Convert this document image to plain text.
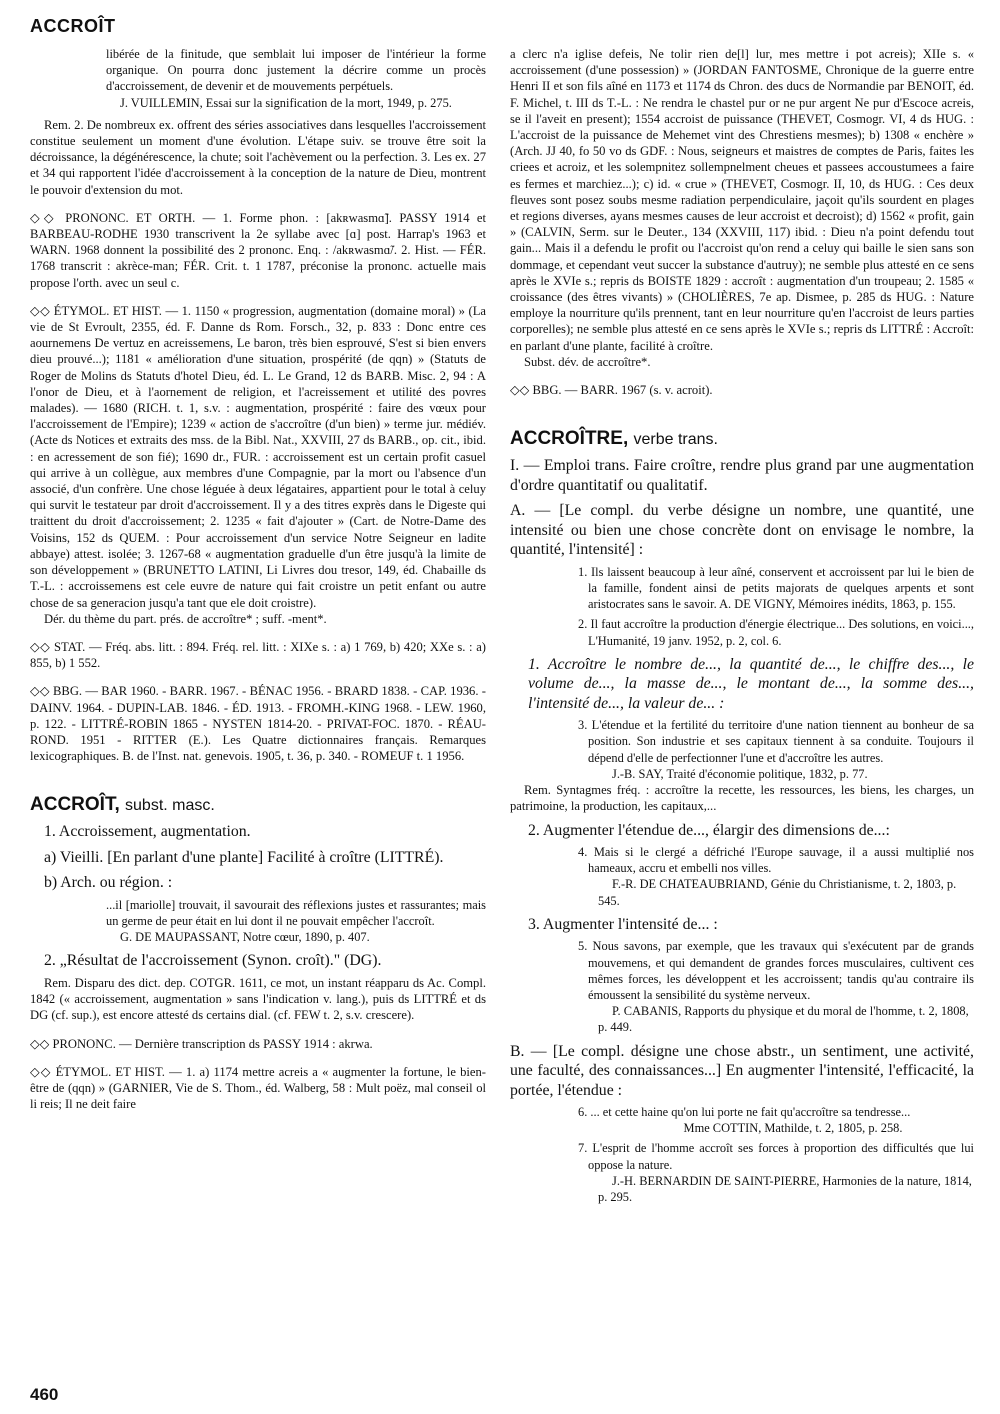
ACCROÎT

libérée de la finitude, que semblait lui imposer de l'intérieur la forme organique. On pourra donc justement la décrire comme un procès d'accroissement, de devenir et de mouvements perpétuels.

J. VUILLEMIN, Essai sur la signification de la mort, 1949, p. 275.

Rem. 2. De nombreux ex. offrent des séries associatives dans lesquelles l'accroissement constitue seulement un moment d'une évolution. L'étape suiv. se trouve être soit la décroissance, la dégénérescence, la chute; soit l'achèvement ou la perfection. 3. Les ex. 27 et 34 qui rapportent l'idée d'accroissement à la conception de la nature de Dieu, montrent le pouvoir d'extension du mot.

◇◇ PRONONC. ET ORTH. — 1. Forme phon. : [akʀwasmɑ̃]. PASSY 1914 et BARBEAU-RODHE 1930 transcrivent la 2e syllabe avec [ɑ] post. Harrap's 1963 et WARN. 1968 donnent la possibilité des 2 prononc. Enq. : /akʀwasmɑ̃/. 2. Hist. — FÉR. 1768 transcrit : akrèce-man; FÉR. Crit. t. 1 1787, préconise la prononc. actuelle mais propose l'orth. avec un seul c.

◇◇ ÉTYMOL. ET HIST. — 1. 1150 « progression, augmentation (domaine moral) » (La vie de St Evroult, 2355, éd. F. Danne ds Rom. Forsch., 32, p. 833 : Donc entre ces aournemens De vertuz en acreissemens, Le baron, très bien esprouvé, S'est si bien envers dieu prouvé...); 1181 « amélioration d'une situation, prospérité (de qqn) » (Statuts de Roger de Molins ds Statuts d'hotel Dieu, éd. L. Le Grand, 12 ds BARB. Misc. 2, 94 : A l'onor de Dieu, et à l'aornement de religion, et l'acreissement et utilité des povres malades). — 1680 (RICH. t. 1, s.v. : augmentation, prospérité : faire des vœux pour l'accroissement de l'Empire); 1239 « action de s'accroître (d'un bien) » terme jur. médiév. (Acte ds Notices et extraits des mss. de la Bibl. Nat., XXVIII, 27 ds BARB., op. cit., ibid. : en acressement de son fié); 1690 dr., FUR. : accroissement est un certain profit casuel qui arrive à un collègue, aux membres d'une Compagnie, par la mort ou l'absence d'un associé, d'un confrère. Une chose léguée à deux légataires, appartient pour le total à celuy qui survit le testateur par droit d'accroissement. Il y a des titres exprès dans le Digeste qui traittent du droit d'accroissement; 2. 1235 « fait d'ajouter » (Cart. de Notre-Dame des Voisins, 152 ds QUEM. : Pour accroissement d'un service Notre Seigneur en ladite abbaye) attest. isolée; 3. 1267-68 « augmentation graduelle d'un être jusqu'à la limite de son développement » (BRUNETTO LATINI, Li Livres dou tresor, 149, éd. Chabaille ds T.-L. : accroissemens est cele euvre de nature qui fait croistre un petit enfant ou autre chose de sa generacion jusqu'a tant que ele doit croistre).

Dér. du thème du part. prés. de accroître* ; suff. -ment*.

◇◇ STAT. — Fréq. abs. litt. : 894. Fréq. rel. litt. : XIXe s. : a) 1 769, b) 420; XXe s. : a) 855, b) 1 552.

◇◇ BBG. — BAR 1960. - BARR. 1967. - BÉNAC 1956. - BRARD 1838. - CAP. 1936. - DAINV. 1964. - DUPIN-LAB. 1846. - ÉD. 1913. - FROMH.-KING 1968. - LEW. 1960, p. 122. - LITTRÉ-ROBIN 1865 - NYSTEN 1814-20. - PRIVAT-FOC. 1870. - RÉAU-ROND. 1951 - RITTER (E.). Les Quatre dictionnaires français. Remarques lexicographiques. B. de l'Inst. nat. genevois. 1905, t. 36, p. 340. - ROMEUF t. 1 1956.

ACCROÎT, subst. masc.

1. Accroissement, augmentation.

a) Vieilli. [En parlant d'une plante] Facilité à croître (LITTRÉ).

b) Arch. ou région. :

...il [mariolle] trouvait, il savourait des réflexions justes et rassurantes; mais un germe de peur était en lui dont il ne pouvait empêcher l'accroît.

G. DE MAUPASSANT, Notre cœur, 1890, p. 407.

2. „Résultat de l'accroissement (Synon. croît)." (DG).

Rem. Disparu des dict. dep. COTGR. 1611, ce mot, un instant réapparu ds Ac. Compl. 1842 (« accroissement, augmentation » sans l'indication v. lang.), puis ds LITTRÉ et ds DG (cf. sup.), est encore attesté ds certains dial. (cf. FEW t. 2, s.v. crescere).

◇◇ PRONONC. — Dernière transcription ds PASSY 1914 : akrwa.

◇◇ ÉTYMOL. ET HIST. — 1. a) 1174 mettre acreis a « augmenter la fortune, le bien-être de (qqn) » (GARNIER, Vie de S. Thom., éd. Walberg, 58 : Mult poëz, mal conseil ol li reis; Il ne deit faire

a clerc n'a iglise defeis, Ne tolir rien de[l] lur, mes mettre i pot acreis); XIIe s. « accroissement (d'une possession) » (JORDAN FANTOSME, Chronique de la guerre entre Henri II et son fils aîné en 1173 et 1174 ds Chron. des ducs de Normandie par BENOIT, éd. F. Michel, t. III ds T.-L. : Ne rendra le chastel pur or ne pur argent Ne pur d'Escoce acreis, se il l'aveit en present); 1554 accroist de puissance (THEVET, Cosmogr. VI, 4 ds HUG. : L'accroist de la puissance de Mehemet vint des Chrestiens mesmes); b) 1308 « enchère » (Arch. JJ 40, fo 50 vo ds GDF. : Nous, seigneurs et maistres de comptes de Paris, faites les criees et acroiz, et les solempnitez sollempnelment cheues et passees accoustumees a faire es fermes et marchiez...); c) id. « crue » (THEVET, Cosmogr. II, 10, ds HUG. : Ces deux fleuves sont posez soubs mesme radiation perpendiculaire, jaçoit qu'ils sourdent en plages et regions diverses, ayans mesmes causes de leur accroist et decroist); d) 1562 « profit, gain » (CALVIN, Serm. sur le Deuter., 134 (XXVIII, 117) ibid. : Dieu n'a point defendu tout gain... Mais il a defendu le profit ou l'accroist qu'on rend a celuy qui baille le sien sans son dommage, et cependant veut succer la substance d'autruy); ne semble plus attesté en ce sens après le XVIe s.; repris ds BOISTE 1829 : accroît : augmentation d'un troupeau; 2. 1585 « croissance (des êtres vivants) » (CHOLIÈRES, 7e ap. Dismee, p. 285 ds HUG. : Nature employe la nourriture qu'ils prennent, tant en leur nourriture qu'en l'accroist de leurs parties corporelles); ne semble plus attesté en ce sens après le XVIe s.; repris ds LITTRÉ : Accroît: en parlant d'une plante, facilité à croître.

Subst. dév. de accroître*.

◇◇ BBG. — BARR. 1967 (s. v. acroit).

ACCROÎTRE, verbe trans.

I. — Emploi trans. Faire croître, rendre plus grand par une augmentation d'ordre quantitatif ou qualitatif.

A. — [Le compl. du verbe désigne un nombre, une quantité, une intensité ou bien une chose concrète dont on envisage le nombre, la quantité, l'intensité] :

1. Ils laissent beaucoup à leur aîné, conservent et accroissent par lui le bien de la famille, fondent ainsi de petits majorats de quelques arpents et sont aristocrates sans le savoir. A. DE VIGNY, Mémoires inédits, 1863, p. 155.

2. Il faut accroître la production d'énergie électrique... Des solutions, en voici..., L'Humanité, 19 janv. 1952, p. 2, col. 6.

1. Accroître le nombre de..., la quantité de..., le chiffre des..., le volume de..., la masse de..., le montant de..., la somme des..., l'intensité de..., la valeur de... :

3. L'étendue et la fertilité du territoire d'une nation tiennent au bonheur de sa position. Son industrie et ses capitaux tiennent à sa conduite. Toujours il dépend d'elle de perfectionner l'une et d'accroître les autres.

J.-B. SAY, Traité d'économie politique, 1832, p. 77.

Rem. Syntagmes fréq. : accroître la recette, les ressources, les biens, les charges, un patrimoine, la production, les capitaux,...

2. Augmenter l'étendue de..., élargir des dimensions de...:

4. Mais si le clergé a défriché l'Europe sauvage, il a aussi multiplié nos hameaux, accru et embelli nos villes.

F.-R. DE CHATEAUBRIAND, Génie du Christianisme, t. 2, 1803, p. 545.

3. Augmenter l'intensité de... :

5. Nous savons, par exemple, que les travaux qui s'exécutent par de grands mouvemens, et qui demandent de grandes forces musculaires, cultivent ces mêmes forces, les développent et les accroissent; tandis qu'au contraire ils émoussent la sensibilité du système nerveux.

P. CABANIS, Rapports du physique et du moral de l'homme, t. 2, 1808, p. 449.

B. — [Le compl. désigne une chose abstr., un sentiment, une activité, une faculté, des connaissances...] En augmenter l'intensité, l'efficacité, la portée, l'étendue :

6. ... et cette haine qu'on lui porte ne fait qu'accroître sa tendresse...

Mme COTTIN, Mathilde, t. 2, 1805, p. 258.

7. L'esprit de l'homme accroît ses forces à proportion des difficultés que lui oppose la nature.

J.-H. BERNARDIN DE SAINT-PIERRE, Harmonies de la nature, 1814, p. 295.

460
